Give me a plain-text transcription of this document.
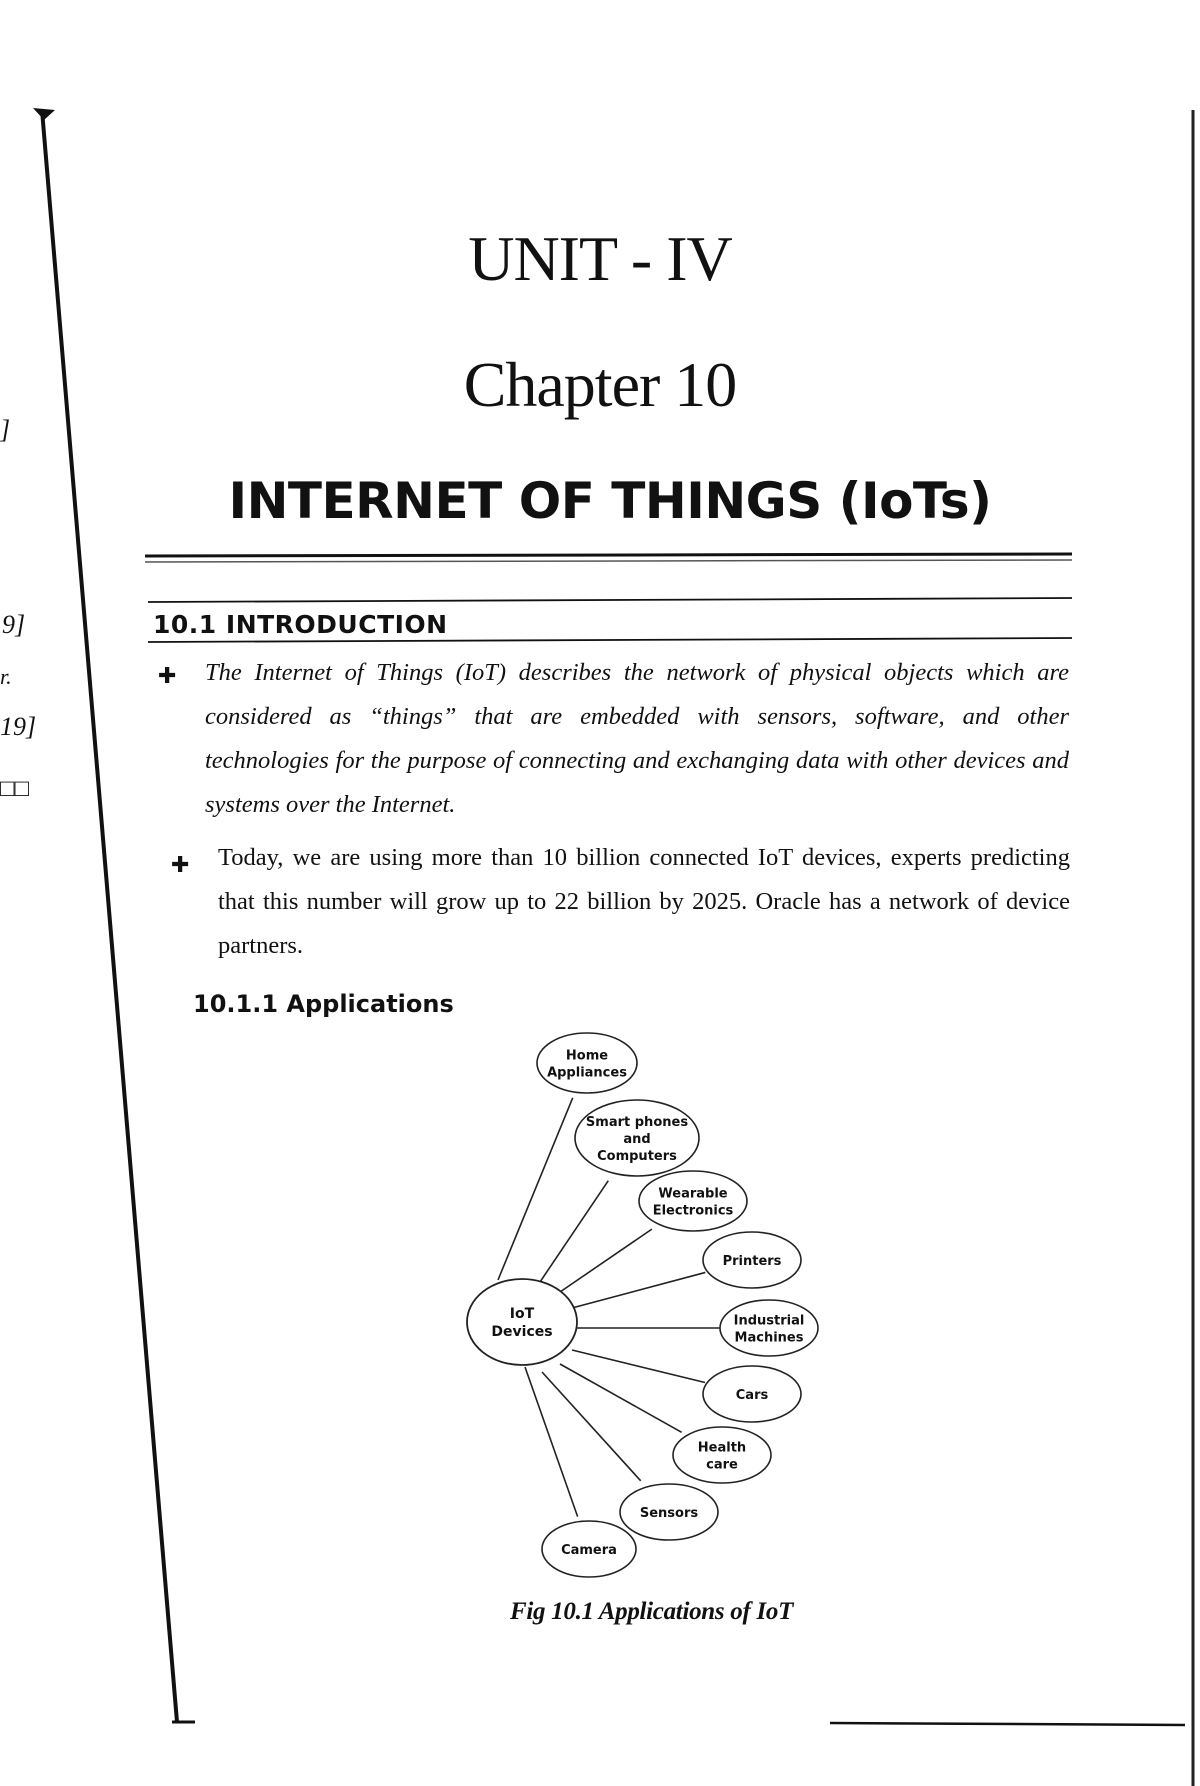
]
9]
r.
19]
□□
UNIT - IV
Chapter 10
INTERNET OF THINGS (IoTs)
10.1 INTRODUCTION
✚ The Internet of Things (IoT) describes the network of physical objects which are considered as “things” that are embedded with sensors, software, and other technologies for the purpose of connecting and exchanging data with other devices and systems over the Internet.
✚ Today, we are using more than 10 billion connected IoT devices, experts predicting that this number will grow up to 22 billion by 2025. Oracle has a network of device partners.
10.1.1 Applications
IoT
Devices
Home
Appliances
Smart phones
and
Computers
Wearable
Electronics
Printers
Industrial
Machines
Cars
Health
care
Sensors
Camera
Fig 10.1 Applications of IoT
